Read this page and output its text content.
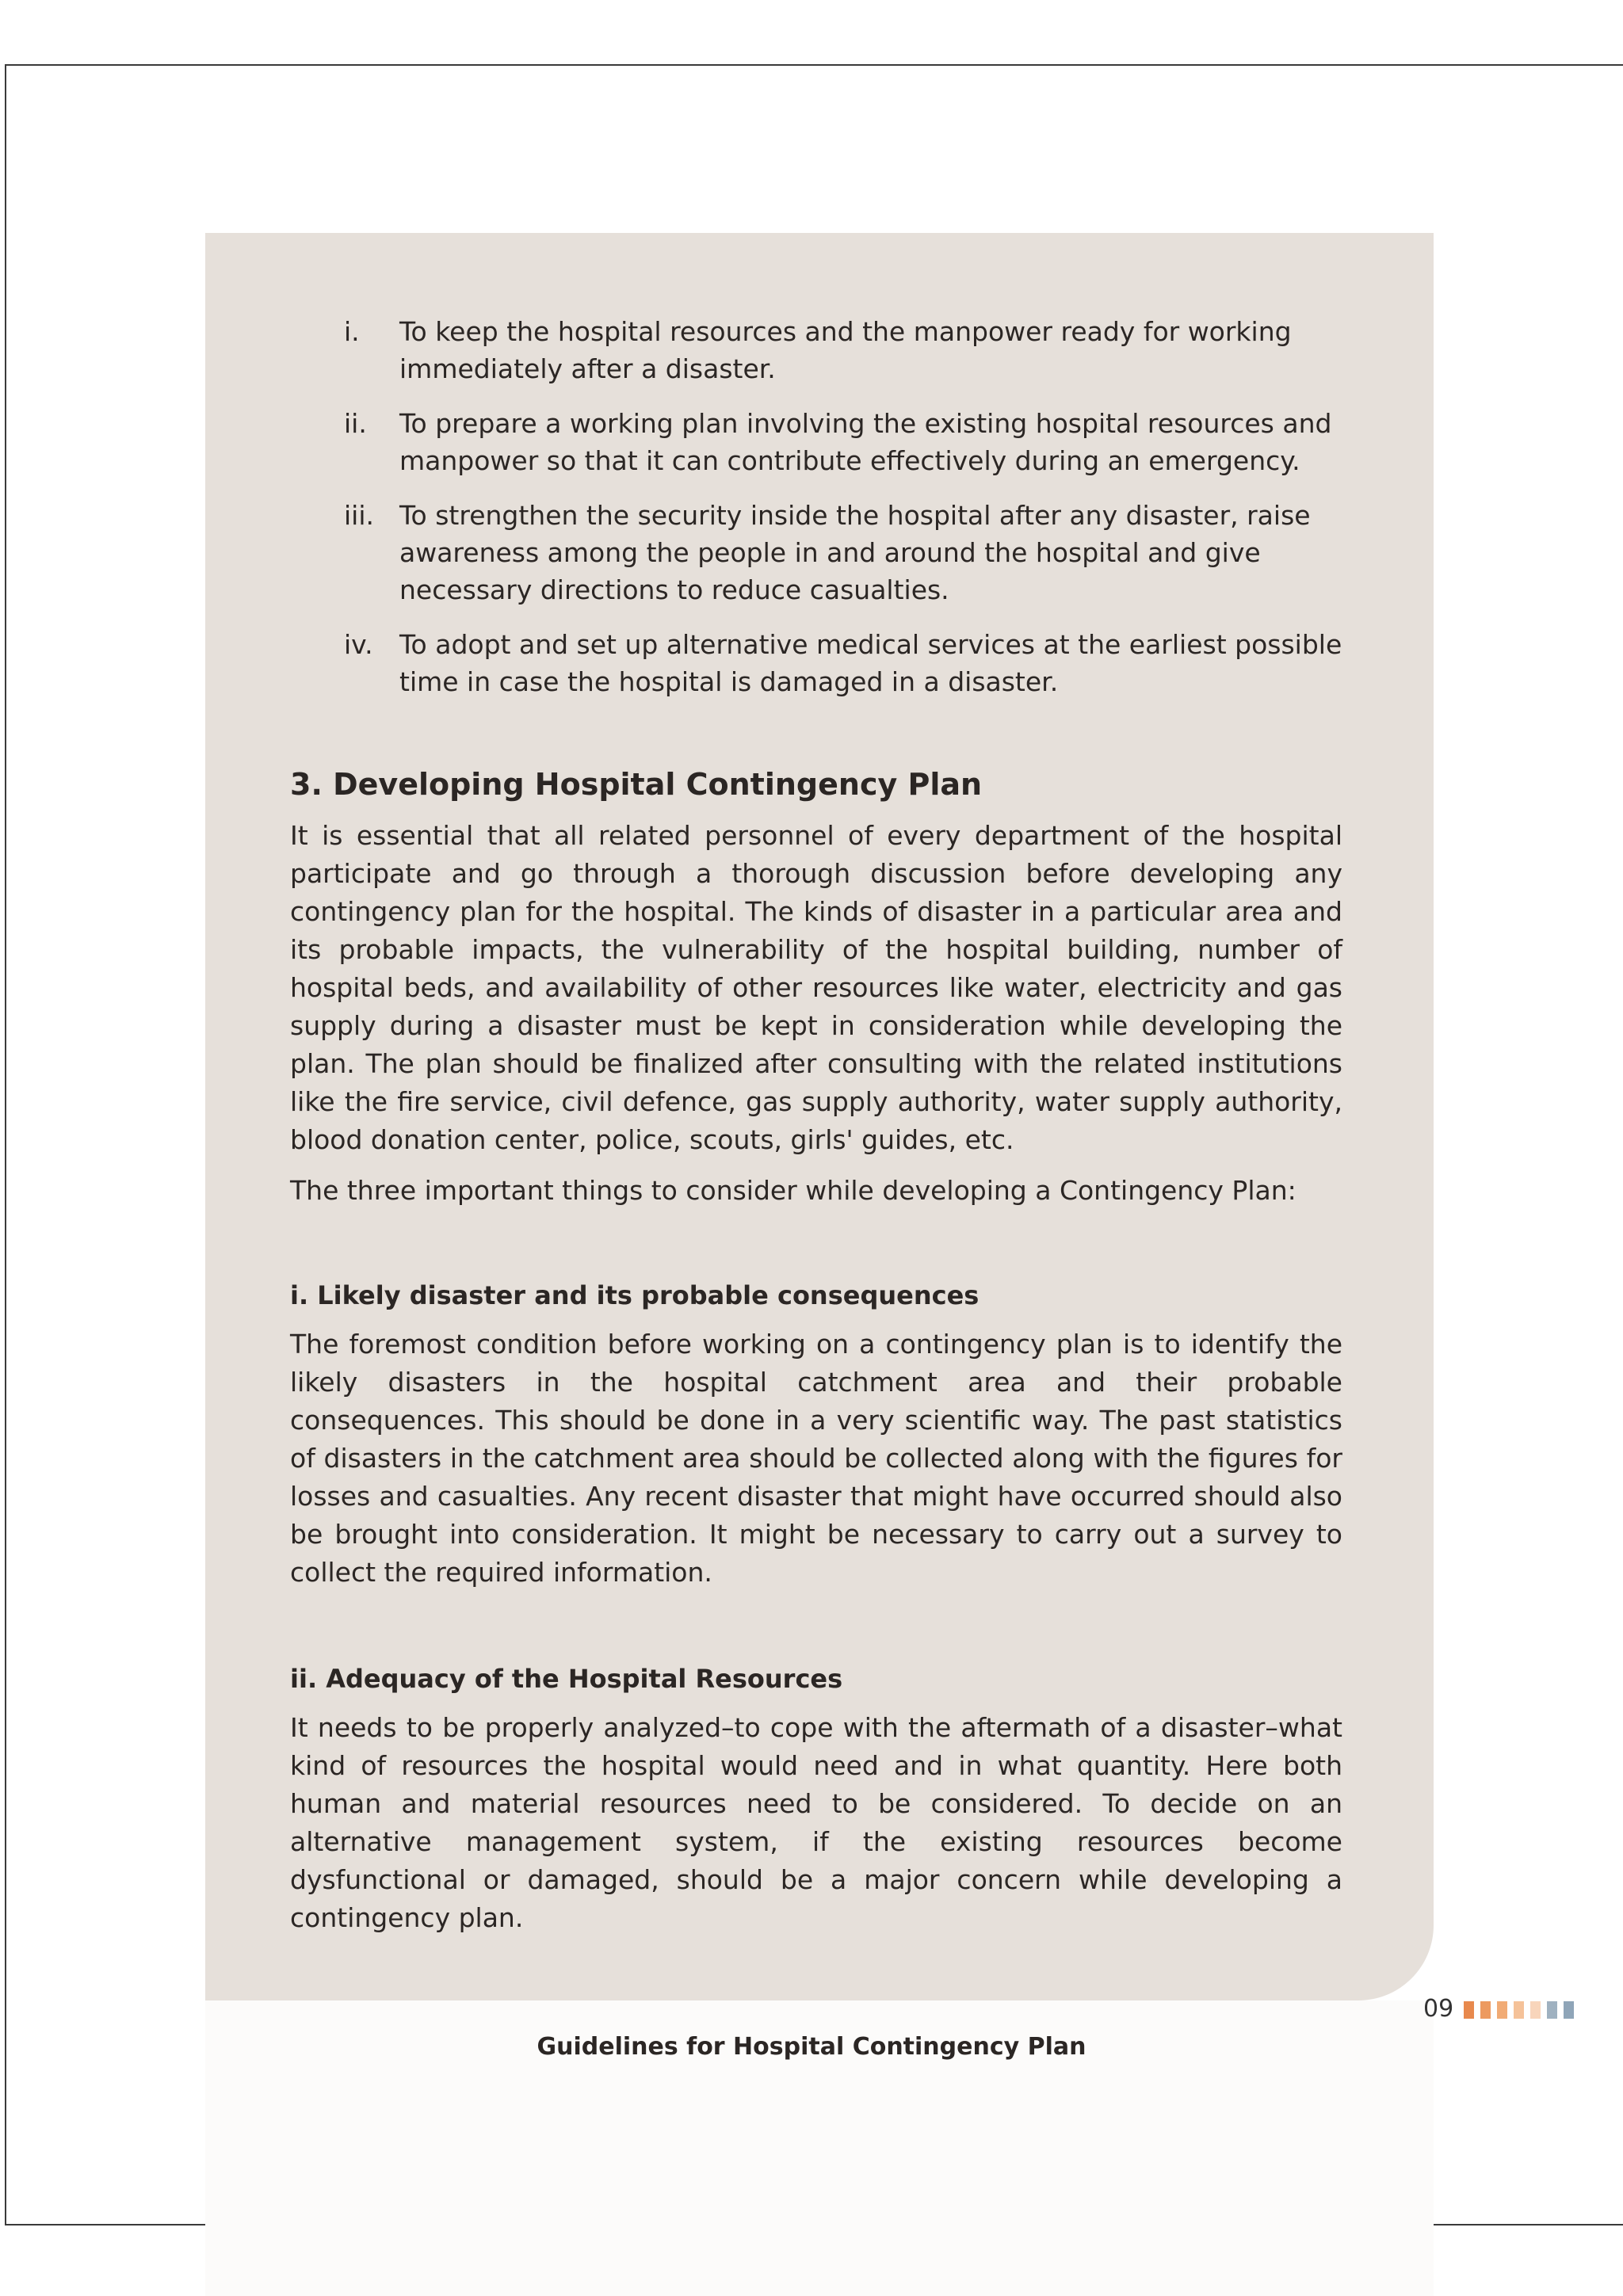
i. To keep the hospital resources and the manpower ready for working immediately after a disaster.
ii. To prepare a working plan involving the existing hospital resources and manpower so that it can contribute effectively during an emergency.
iii. To strengthen the security inside the hospital after any disaster, raise awareness among the people in and around the hospital and give necessary directions to reduce casualties.
iv. To adopt and set up alternative medical services at the earliest possible time in case the hospital is damaged in a disaster.
3. Developing Hospital Contingency Plan

It is essential that all related personnel of every department of the hospital participate and go through a thorough discussion before developing any contingency plan for the hospital. The kinds of disaster in a particular area and its probable impacts, the vulnerability of the hospital building, number of hospital beds, and availability of other resources like water, electricity and gas supply during a disaster must be kept in consideration while developing the plan. The plan should be finalized after consulting with the related institutions like the fire service, civil defence, gas supply authority, water supply authority, blood donation center, police, scouts, girls' guides, etc.

The three important things to consider while developing a Contingency Plan:

i. Likely disaster and its probable consequences

The foremost condition before working on a contingency plan is to identify the likely disasters in the hospital catchment area and their probable consequences. This should be done in a very scientific way. The past statistics of disasters in the catchment area should be collected along with the figures for losses and casualties. Any recent disaster that might have occurred should also be brought into consideration. It might be necessary to carry out a survey to collect the required information.

ii. Adequacy of the Hospital Resources

It needs to be properly analyzed–to cope with the aftermath of a disaster–what kind of resources the hospital would need and in what quantity. Here both human and material resources need to be considered. To decide on an alternative management system, if the existing resources become dysfunctional or damaged, should be a major concern while developing a contingency plan.

09
Guidelines for Hospital Contingency Plan
